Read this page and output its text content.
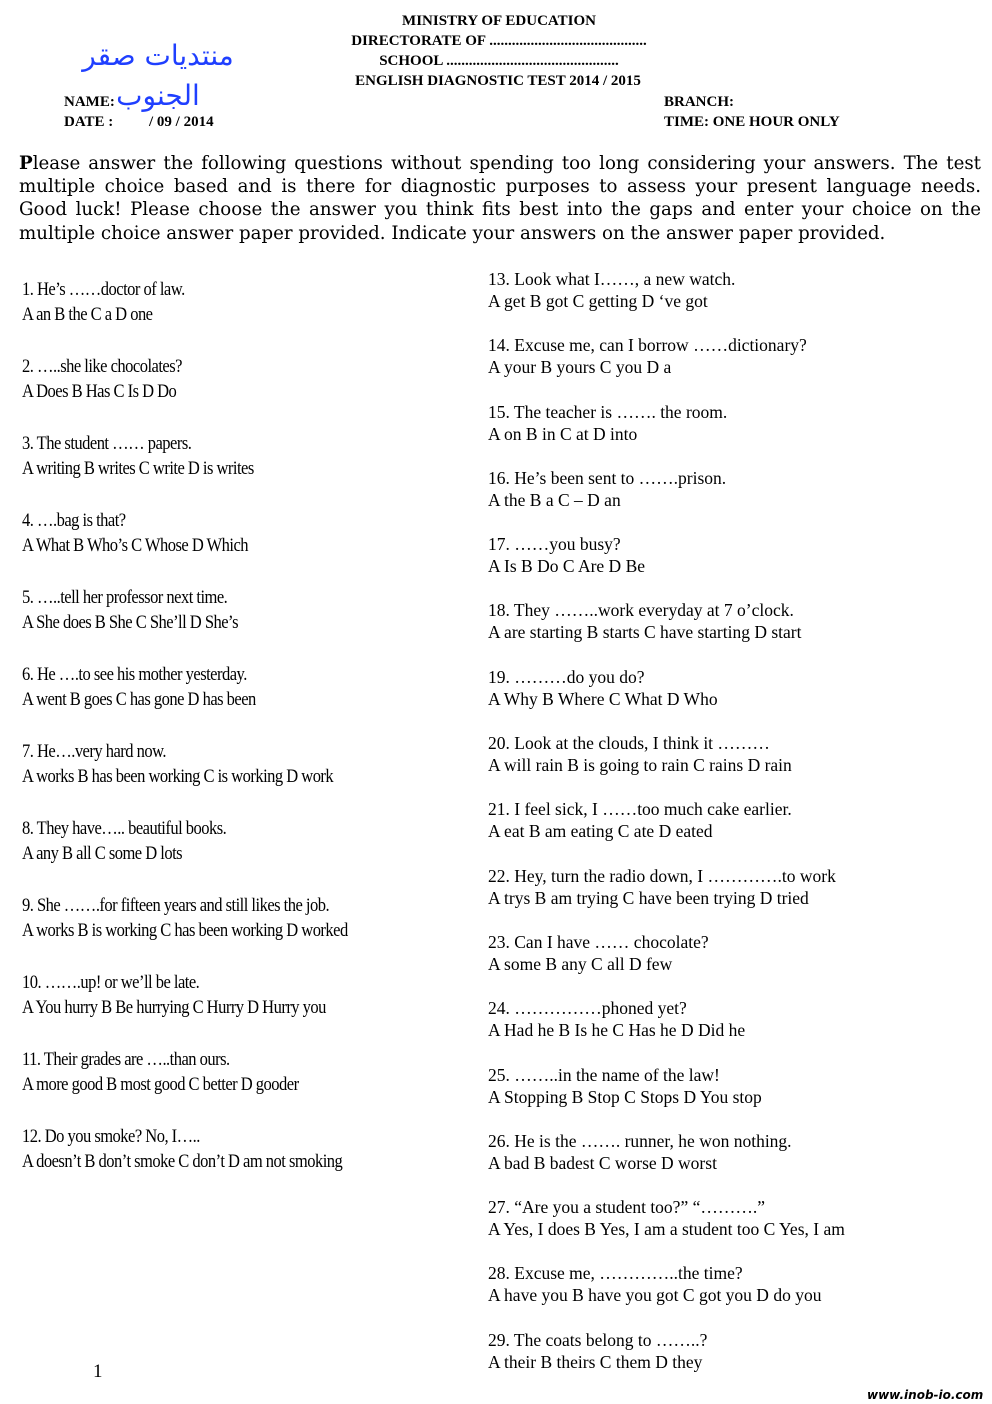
MINISTRY OF EDUCATION
DIRECTORATE OF ..........................................
SCHOOL ..............................................
ENGLISH DIAGNOSTIC TEST 2014 / 2015
منتديات صقر الجنوب
NAME:
DATE : / 09 / 2014
BRANCH:
TIME: ONE HOUR ONLY
Please answer the following questions without spending too long considering your answers. The test multiple choice based and is there for diagnostic purposes to assess your present language needs. Good luck! Please choose the answer you think fits best into the gaps and enter your choice on the multiple choice answer paper provided. Indicate your answers on the answer paper provided.
1. He’s ……doctor of law.
A an B the C a D one
2. …..she like chocolates?
A Does B Has C Is D Do
3. The student …… papers.
A writing B writes C write D is writes
4. ….bag is that?
A What B Who’s C Whose D Which
5. …..tell her professor next time.
A She does B She C She’ll D She’s
6. He ….to see his mother yesterday.
A went B goes C has gone D has been
7. He….very hard now.
A works B has been working C is working D work
8. They have….. beautiful books.
A any B all C some D lots
9. She …….for fifteen years and still likes the job.
A works B is working C has been working D worked
10. …….up! or we’ll be late.
A You hurry B Be hurrying C Hurry D Hurry you
11. Their grades are …..than ours.
A more good B most good C better D gooder
12. Do you smoke? No, I…..
A doesn’t B don’t smoke C don’t D am not smoking
13. Look what I……, a new watch.
A get B got C getting D ‘ve got
14. Excuse me, can I borrow ……dictionary?
A your B yours C you D a
15. The teacher is ……. the room.
A on B in C at D into
16. He’s been sent to …….prison.
A the B a C – D an
17. ……you busy?
A Is B Do C Are D Be
18. They ……..work everyday at 7 o’clock.
A are starting B starts C have starting D start
19. ………do you do?
A Why B Where C What D Who
20. Look at the clouds, I think it ………
A will rain B is going to rain C rains D rain
21. I feel sick, I ……too much cake earlier.
A eat B am eating C ate D eated
22. Hey, turn the radio down, I ………….to work
A trys B am trying C have been trying D tried
23. Can I have …… chocolate?
A some B any C all D few
24. ……………phoned yet?
A Had he B Is he C Has he D Did he
25. ……..in the name of the law!
A Stopping B Stop C Stops D You stop
26. He is the ……. runner, he won nothing.
A bad B badest C worse D worst
27. “Are you a student too?” “……….”
A Yes, I does B Yes, I am a student too C Yes, I am
28. Excuse me, …………..the time?
A have you B have you got C got you D do you
29. The coats belong to ……..?
A their B theirs C them D they
1
www.inob-io.com
